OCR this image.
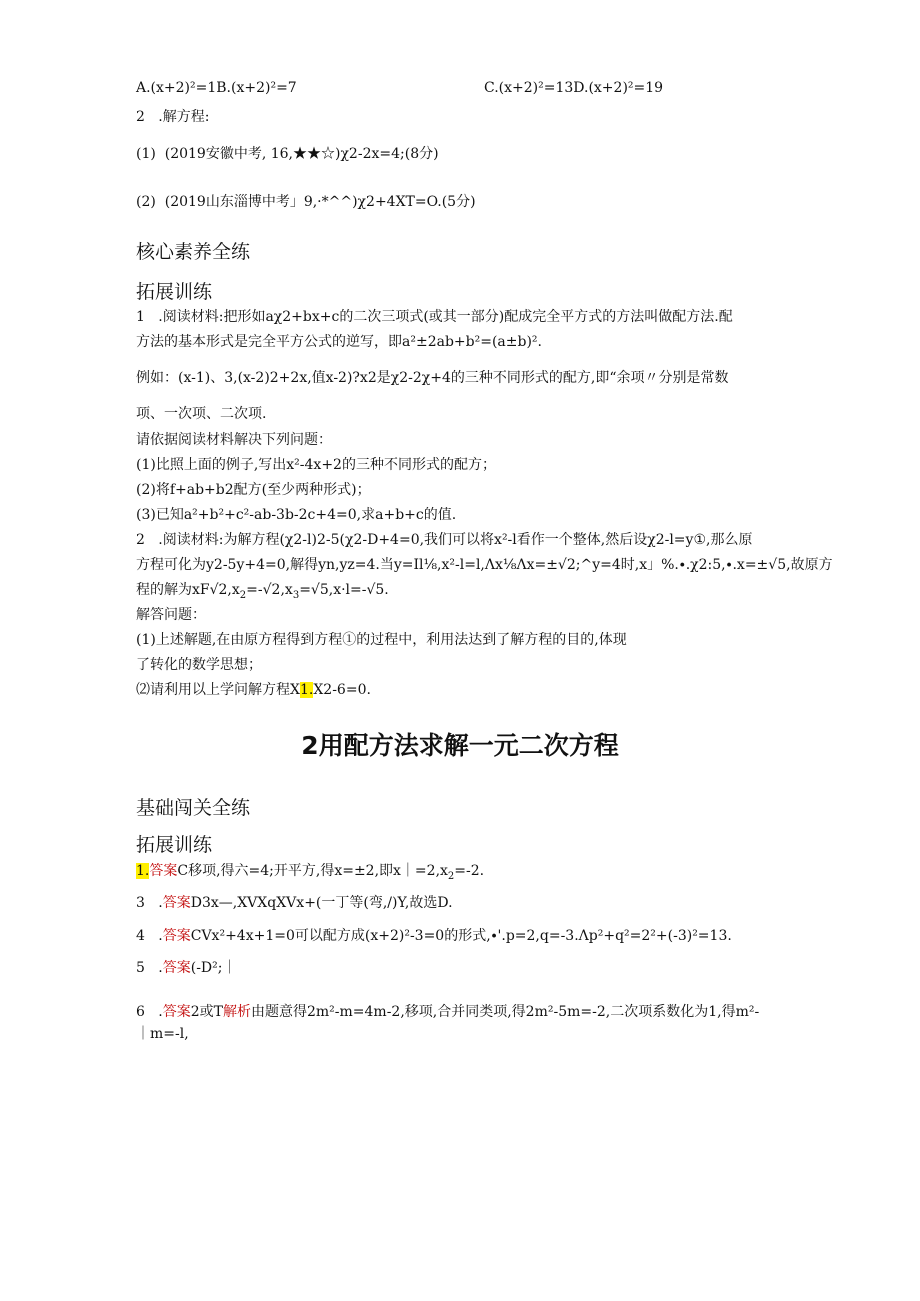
A.(x+2)²=1B.(x+2)²=7	C.(x+2)²=13D.(x+2)²=19
2 .解方程:
(1)  (2019安徽中考, 16,★★☆)χ2-2x=4;(8分)
(2)  (2019山东淄博中考」9,·*^^)χ2+4XT=O.(5分)
核心素养全练
拓展训练
1 .阅读材料:把形如aχ2+bx+c的二次三项式(或其一部分)配成完全平方式的方法叫做配方法.配
方法的基本形式是完全平方公式的逆写，即a²±2ab+b²=(a±b)².
例如：(x-1)、3,(x-2)2+2x,值x-2)?x2是χ2-2χ+4的三种不同形式的配方,即“余项〃分别是常数
项、一次项、二次项.
请依据阅读材料解决下列问题：
(1)比照上面的例子,写出x²-4x+2的三种不同形式的配方；
(2)将f+ab+b2配方(至少两种形式)；
(3)已知a²+b²+c²-ab-3b-2c+4=0,求a+b+c的值.
2 .阅读材料:为解方程(χ2-l)2-5(χ2-D+4=0,我们可以将x²-l看作一个整体,然后设χ2-l=y①,那么原
方程可化为y2-5y+4=0,解得yn,yz=4.当y=Il⅛,x²-l=l,Λx⅛Λx=±√2;^y=4时,x」%.∙.χ2:5,∙.x=±√5,故原方
程的解为$xF√2,x_2=-√2,x_3=√5,x\cdot l=-√5$.
解答问题：
(1)上述解题,在由原方程得到方程①的过程中，利用法达到了解方程的目的,体现
了转化的数学思想；
⑵请利用以上学问解方程X1.X2-6=0.
2用配方法求解一元二次方程
基础闯关全练
拓展训练
1.答案C移项,得六=4;开平方,得x=±2,即$x|=2,x_2=-2$.
3 .答案D3x—,XVXqXVx+(一丁等(弯,/)Y,故选D.
4 .答案CVx²+4x+1=0可以配方成(x+2)²-3=0的形式,∙'.p=2,q=-3.Λp²+q²=2²+(-3)²=13.
5 .答案(-D²;｜
6 .答案2或T解析由题意得2m²-m=4m-2,移项,合并同类项,得2m²-5m=-2,二次项系数化为1,得m²-
｜m=-l,
